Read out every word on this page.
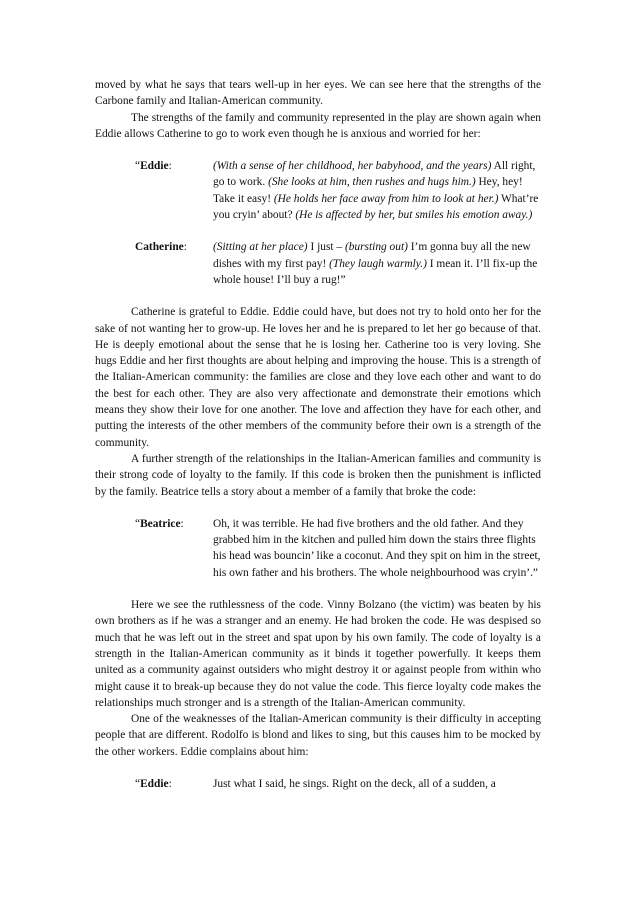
moved by what he says that tears well-up in her eyes. We can see here that the strengths of the Carbone family and Italian-American community.

The strengths of the family and community represented in the play are shown again when Eddie allows Catherine to go to work even though he is anxious and worried for her:

“Eddie:	(With a sense of her childhood, her babyhood, and the years) All right, go to work. (She looks at him, then rushes and hugs him.) Hey, hey! Take it easy! (He holds her face away from him to look at her.) What’re you cryin’ about? (He is affected by her, but smiles his emotion away.)
Catherine:	(Sitting at her place) I just – (bursting out) I’m gonna buy all the new dishes with my first pay! (They laugh warmly.) I mean it. I’ll fix-up the whole house! I’ll buy a rug!”

Catherine is grateful to Eddie. Eddie could have, but does not try to hold onto her for the sake of not wanting her to grow-up. He loves her and he is prepared to let her go because of that. He is deeply emotional about the sense that he is losing her. Catherine too is very loving. She hugs Eddie and her first thoughts are about helping and improving the house. This is a strength of the Italian-American community: the families are close and they love each other and want to do the best for each other. They are also very affectionate and demonstrate their emotions which means they show their love for one another. The love and affection they have for each other, and putting the interests of the other members of the community before their own is a strength of the community.

A further strength of the relationships in the Italian-American families and community is their strong code of loyalty to the family. If this code is broken then the punishment is inflicted by the family. Beatrice tells a story about a member of a family that broke the code:

“Beatrice:	Oh, it was terrible. He had five brothers and the old father. And they grabbed him in the kitchen and pulled him down the stairs three flights his head was bouncin’ like a coconut. And they spit on him in the street, his own father and his brothers. The whole neighbourhood was cryin’.”

Here we see the ruthlessness of the code. Vinny Bolzano (the victim) was beaten by his own brothers as if he was a stranger and an enemy. He had broken the code. He was despised so much that he was left out in the street and spat upon by his own family. The code of loyalty is a strength in the Italian-American community as it binds it together powerfully. It keeps them united as a community against outsiders who might destroy it or against people from within who might cause it to break-up because they do not value the code. This fierce loyalty code makes the relationships much stronger and is a strength of the Italian-American community.

One of the weaknesses of the Italian-American community is their difficulty in accepting people that are different. Rodolfo is blond and likes to sing, but this causes him to be mocked by the other workers. Eddie complains about him:

“Eddie:	Just what I said, he sings. Right on the deck, all of a sudden, a
